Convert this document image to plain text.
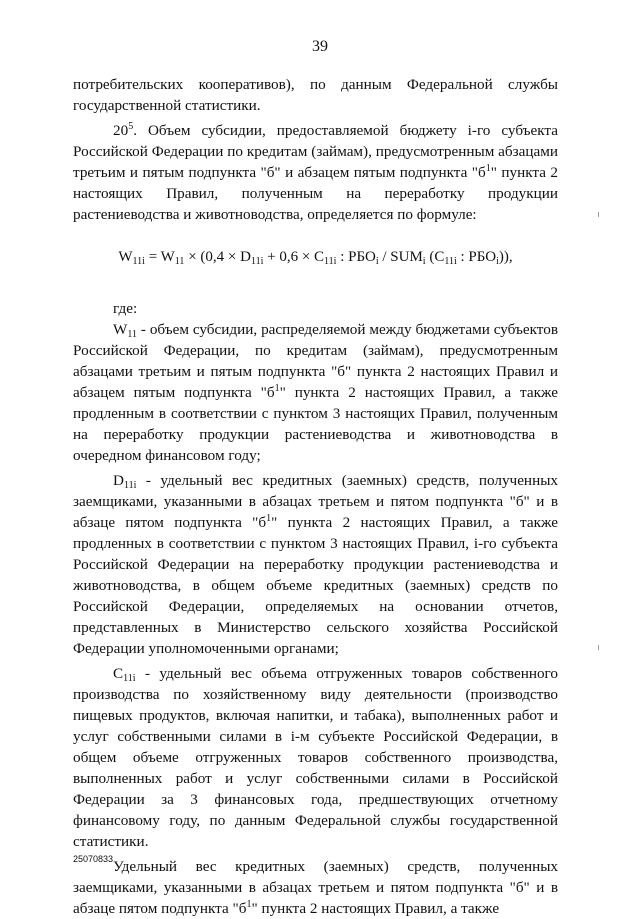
39

потребительских кооперативов), по данным Федеральной службы государственной статистики.

$20^5$. Объем субсидии, предоставляемой бюджету i-го субъекта Российской Федерации по кредитам (займам), предусмотренным абзацами третьим и пятым подпункта "б" и абзацем пятым подпункта "$б^1$" пункта 2 настоящих Правил, полученным на переработку продукции растениеводства и животноводства, определяется по формуле:

$W_{11i} = W_{11} \times (0,4 \times D_{11i} + 0,6 \times C_{11i}$ : $РБО_i / SUM_i$ ($C_{11i}$ : $РБО_i$)),

где:

$W_{11}$ - объем субсидии, распределяемой между бюджетами субъектов Российской Федерации, по кредитам (займам), предусмотренным абзацами третьим и пятым подпункта "б" пункта 2 настоящих Правил и абзацем пятым подпункта "$б^1$" пункта 2 настоящих Правил, а также продленным в соответствии с пунктом 3 настоящих Правил, полученным на переработку продукции растениеводства и животноводства в очередном финансовом году;

$D_{11i}$ - удельный вес кредитных (заемных) средств, полученных заемщиками, указанными в абзацах третьем и пятом подпункта "б" и в абзаце пятом подпункта "$б^1$" пункта 2 настоящих Правил, а также продленных в соответствии с пунктом 3 настоящих Правил, i-го субъекта Российской Федерации на переработку продукции растениеводства и животноводства, в общем объеме кредитных (заемных) средств по Российской Федерации, определяемых на основании отчетов, представленных в Министерство сельского хозяйства Российской Федерации уполномоченными органами;

$C_{11i}$ - удельный вес объема отгруженных товаров собственного производства по хозяйственному виду деятельности (производство пищевых продуктов, включая напитки, и табака), выполненных работ и услуг собственными силами в i-м субъекте Российской Федерации, в общем объеме отгруженных товаров собственного производства, выполненных работ и услуг собственными силами в Российской Федерации за 3 финансовых года, предшествующих отчетному финансовому году, по данным Федеральной службы государственной статистики.

Удельный вес кредитных (заемных) средств, полученных заемщиками, указанными в абзацах третьем и пятом подпункта "б" и в абзаце пятом подпункта "$б^1$" пункта 2 настоящих Правил, а также

25070833
